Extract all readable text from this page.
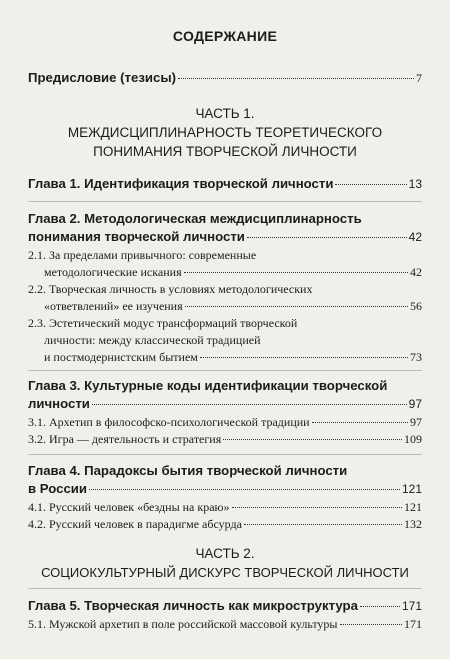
СОДЕРЖАНИЕ
Предисловие (тезисы)	7
ЧАСТЬ 1.
МЕЖДИСЦИПЛИНАРНОСТЬ ТЕОРЕТИЧЕСКОГО
ПОНИМАНИЯ ТВОРЧЕСКОЙ ЛИЧНОСТИ
Глава 1. Идентификация творческой личности	13
Глава 2. Методологическая междисциплинарность
понимания творческой личности	42
2.1. За пределами привычного: современные
методологические искания	42
2.2. Творческая личность в условиях методологических
«ответвлений» ее изучения	56
2.3. Эстетический модус трансформаций творческой
личности: между классической традицией
и постмодернистским бытием	73
Глава 3. Культурные коды идентификации творческой
личности	97
3.1. Архетип в философско-психологической традиции	97
3.2. Игра — деятельность и стратегия	109
Глава 4. Парадоксы бытия творческой личности
в России	121
4.1. Русский человек «бездны на краю»	121
4.2. Русский человек в парадигме абсурда	132
ЧАСТЬ 2.
СОЦИОКУЛЬТУРНЫЙ ДИСКУРС ТВОРЧЕСКОЙ ЛИЧНОСТИ
Глава 5. Творческая личность как микроструктура	171
5.1. Мужской архетип в поле российской массовой культуры	171
